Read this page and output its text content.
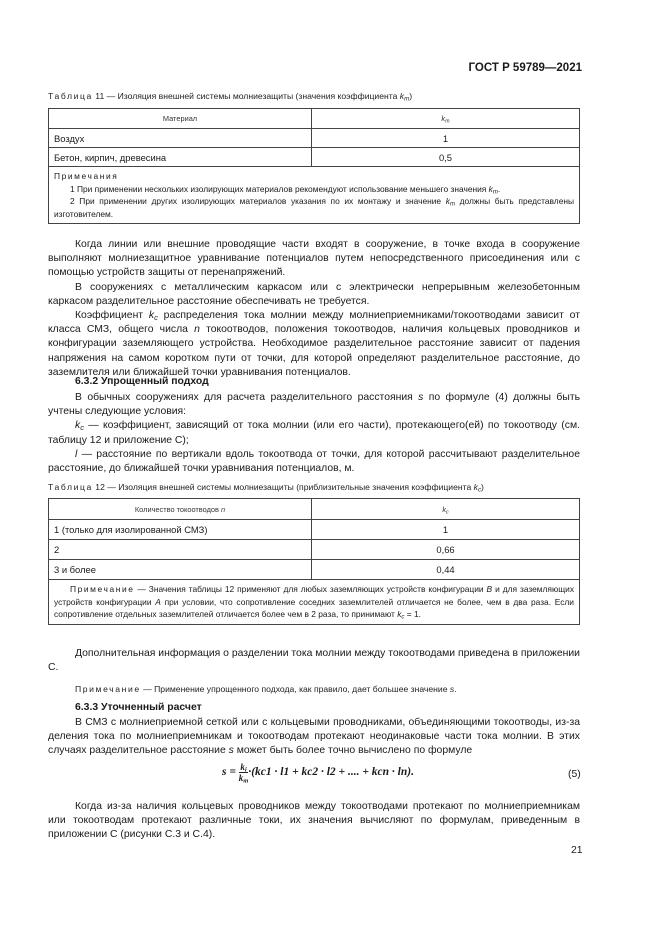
ГОСТ Р 59789—2021
Таблица 11 — Изоляция внешней системы молниезащиты (значения коэффициента $k_m$)
Материал	$k_m$
Воздух	1
Бетон, кирпич, древесина	0,5

Примечания
1 При применении нескольких изолирующих материалов рекомендуют использование меньшего значения $k_m$.
2 При применении других изолирующих материалов указания по их монтажу и значение $k_m$ должны быть представлены изготовителем.	

Когда линии или внешние проводящие части входят в сооружение, в точке входа в сооружение выполняют молниезащитное уравнивание потенциалов путем непосредственного присоединения или с помощью устройств защиты от перенапряжений.

В сооружениях с металлическим каркасом или с электрически непрерывным железобетонным каркасом разделительное расстояние обеспечивать не требуется.

Коэффициент $k_c$ распределения тока молнии между молниеприемниками/токоотводами зависит от класса СМЗ, общего числа n токоотводов, положения токоотводов, наличия кольцевых проводников и конфигурации заземляющего устройства. Необходимое разделительное расстояние зависит от падения напряжения на самом коротком пути от точки, для которой определяют разделительное расстояние, до заземлителя или ближайшей точки уравнивания потенциалов.

6.3.2 Упрощенный подход

В обычных сооружениях для расчета разделительного расстояния s по формуле (4) должны быть учтены следующие условия:

$k_c$ — коэффициент, зависящий от тока молнии (или его части), протекающего(ей) по токоотводу (см. таблицу 12 и приложение С);

l — расстояние по вертикали вдоль токоотвода от точки, для которой рассчитывают разделительное расстояние, до ближайшей точки уравнивания потенциалов, м.

Таблица 12 — Изоляция внешней системы молниезащиты (приблизительные значения коэффициента $k_c$)
Количество токоотводов n	$k_c$
1 (только для изолированной СМЗ)	1
2	0,66
3 и более	0,44
Примечание — Значения таблицы 12 применяют для любых заземляющих устройств конфигурации В и для заземляющих устройств конфигурации А при условии, что сопротивление соседних заземлителей отличается не более, чем в два раза. Если сопротивление отдельных заземлителей отличается более чем в 2 раза, то принимают $k_c = 1$.	

Дополнительная информация о разделении тока молнии между токоотводами приведена в приложении С.

Примечание — Применение упрощенного подхода, как правило, дает большее значение s.
6.3.3 Уточненный расчет

В СМЗ с молниеприемной сеткой или с кольцевыми проводниками, объединяющими токоотводы, из-за деления тока по молниеприемникам и токоотводам протекают неодинаковые части тока молнии. В этих случаях разделительное расстояние s может быть более точно вычислено по формуле

$s = \frac{k_i}{k_m} \cdot(kc1 \cdot l1 + kc2 \cdot l2$ + .... + kcn · ln).	(5)

Когда из-за наличия кольцевых проводников между токоотводами протекают по молниеприемникам или токоотводам протекают различные токи, их значения вычисляют по формулам, приведенным в приложении С (рисунки С.3 и С.4).

21
